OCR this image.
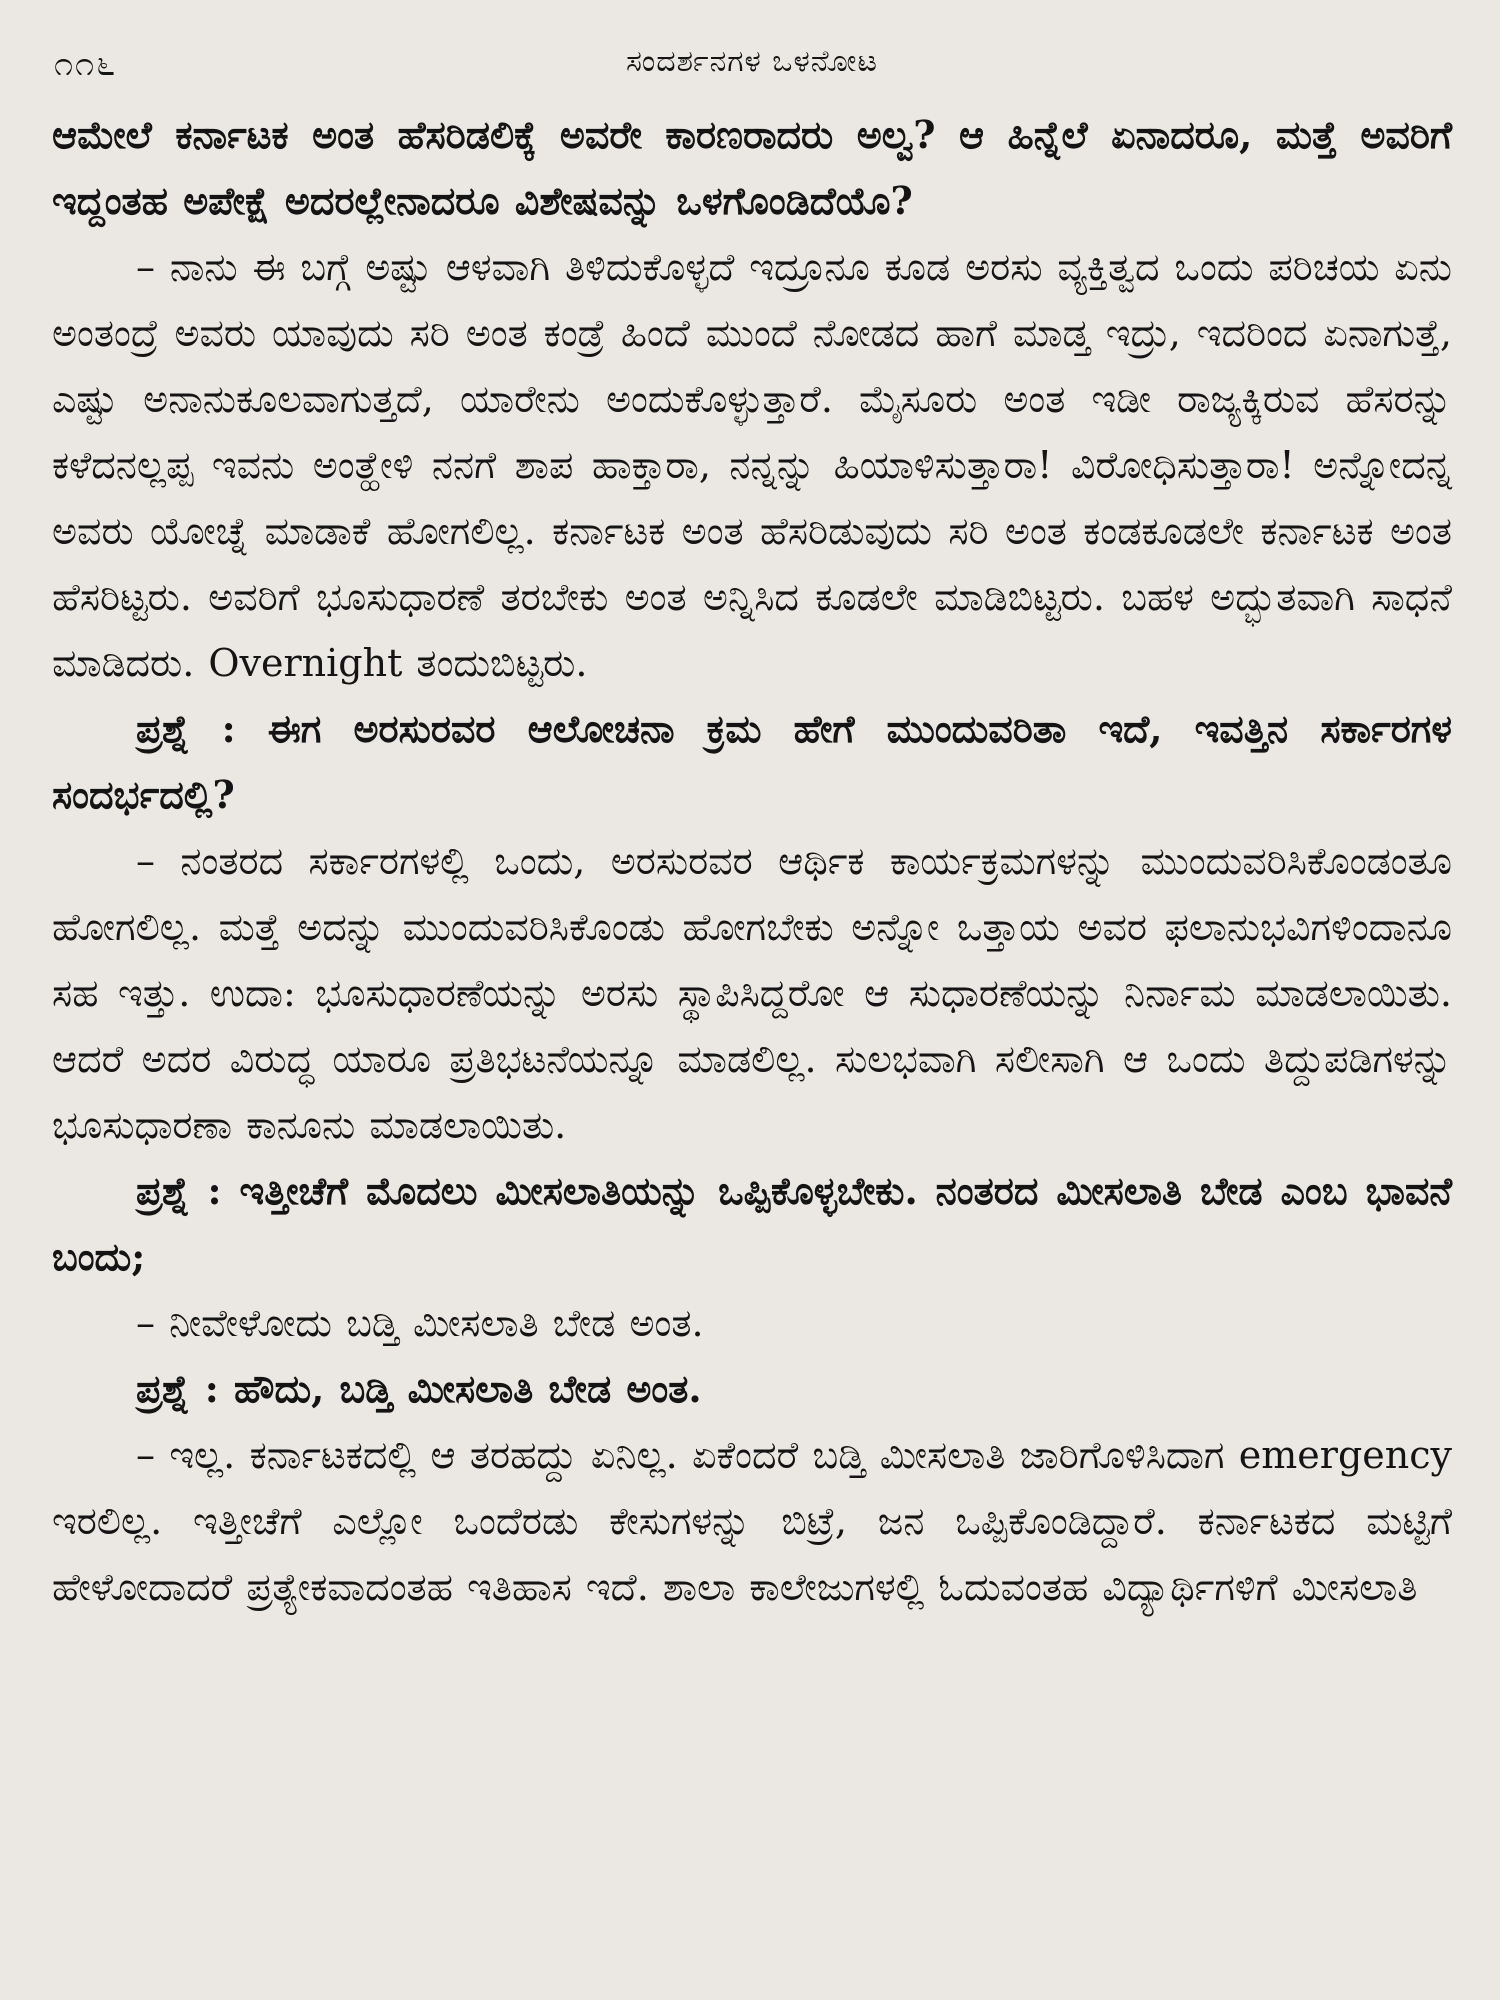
೧೧೬	ಸಂದರ್ಶನಗಳ ಒಳನೋಟ

ಆಮೇಲೆ ಕರ್ನಾಟಕ ಅಂತ ಹೆಸರಿಡಲಿಕ್ಕೆ ಅವರೇ ಕಾರಣರಾದರು ಅಲ್ವ? ಆ ಹಿನ್ನೆಲೆ ಏನಾದರೂ, ಮತ್ತೆ ಅವರಿಗೆ ಇದ್ದಂತಹ ಅಪೇಕ್ಷೆ ಅದರಲ್ಲೇನಾದರೂ ವಿಶೇಷವನ್ನು ಒಳಗೊಂಡಿದೆಯೊ?

– ನಾನು ಈ ಬಗ್ಗೆ ಅಷ್ಟು ಆಳವಾಗಿ ತಿಳಿದುಕೊಳ್ಳದೆ ಇದ್ರೂನೂ ಕೂಡ ಅರಸು ವ್ಯಕ್ತಿತ್ವದ ಒಂದು ಪರಿಚಯ ಏನು ಅಂತಂದ್ರೆ ಅವರು ಯಾವುದು ಸರಿ ಅಂತ ಕಂಡ್ರೆ ಹಿಂದೆ ಮುಂದೆ ನೋಡದ ಹಾಗೆ ಮಾಡ್ತ ಇದ್ರು, ಇದರಿಂದ ಏನಾಗುತ್ತೆ, ಎಷ್ಟು ಅನಾನುಕೂಲವಾಗುತ್ತದೆ, ಯಾರೇನು ಅಂದುಕೊಳ್ಳುತ್ತಾರೆ. ಮೈಸೂರು ಅಂತ ಇಡೀ ರಾಜ್ಯಕ್ಕಿರುವ ಹೆಸರನ್ನು ಕಳೆದನಲ್ಲಪ್ಪ ಇವನು ಅಂತ್ಹೇಳಿ ನನಗೆ ಶಾಪ ಹಾಕ್ತಾರಾ, ನನ್ನನ್ನು ಹಿಯಾಳಿಸುತ್ತಾರಾ! ವಿರೋಧಿಸುತ್ತಾರಾ! ಅನ್ನೋದನ್ನ ಅವರು ಯೋಚ್ನೆ ಮಾಡಾಕೆ ಹೋಗಲಿಲ್ಲ. ಕರ್ನಾಟಕ ಅಂತ ಹೆಸರಿಡುವುದು ಸರಿ ಅಂತ ಕಂಡಕೂಡಲೇ ಕರ್ನಾಟಕ ಅಂತ ಹೆಸರಿಟ್ಟರು. ಅವರಿಗೆ ಭೂಸುಧಾರಣೆ ತರಬೇಕು ಅಂತ ಅನ್ನಿಸಿದ ಕೂಡಲೇ ಮಾಡಿಬಿಟ್ಟರು. ಬಹಳ ಅದ್ಭುತವಾಗಿ ಸಾಧನೆ ಮಾಡಿದರು. Overnight ತಂದುಬಿಟ್ಟರು.

ಪ್ರಶ್ನೆ : ಈಗ ಅರಸುರವರ ಆಲೋಚನಾ ಕ್ರಮ ಹೇಗೆ ಮುಂದುವರಿತಾ ಇದೆ, ಇವತ್ತಿನ ಸರ್ಕಾರಗಳ ಸಂದರ್ಭದಲ್ಲಿ?

– ನಂತರದ ಸರ್ಕಾರಗಳಲ್ಲಿ ಒಂದು, ಅರಸುರವರ ಆರ್ಥಿಕ ಕಾರ್ಯಕ್ರಮಗಳನ್ನು ಮುಂದುವರಿಸಿಕೊಂಡಂತೂ ಹೋಗಲಿಲ್ಲ. ಮತ್ತೆ ಅದನ್ನು ಮುಂದುವರಿಸಿಕೊಂಡು ಹೋಗಬೇಕು ಅನ್ನೋ ಒತ್ತಾಯ ಅವರ ಫಲಾನುಭವಿಗಳಿಂದಾನೂ ಸಹ ಇತ್ತು. ಉದಾ: ಭೂಸುಧಾರಣೆಯನ್ನು ಅರಸು ಸ್ಥಾಪಿಸಿದ್ದರೋ ಆ ಸುಧಾರಣೆಯನ್ನು ನಿರ್ನಾಮ ಮಾಡಲಾಯಿತು. ಆದರೆ ಅದರ ವಿರುದ್ಧ ಯಾರೂ ಪ್ರತಿಭಟನೆಯನ್ನೂ ಮಾಡಲಿಲ್ಲ. ಸುಲಭವಾಗಿ ಸಲೀಸಾಗಿ ಆ ಒಂದು ತಿದ್ದುಪಡಿಗಳನ್ನು ಭೂಸುಧಾರಣಾ ಕಾನೂನು ಮಾಡಲಾಯಿತು.

ಪ್ರಶ್ನೆ : ಇತ್ತೀಚೆಗೆ ಮೊದಲು ಮೀಸಲಾತಿಯನ್ನು ಒಪ್ಪಿಕೊಳ್ಳಬೇಕು. ನಂತರದ ಮೀಸಲಾತಿ ಬೇಡ ಎಂಬ ಭಾವನೆ ಬಂದು;

– ನೀವೇಳೋದು ಬಡ್ತಿ ಮೀಸಲಾತಿ ಬೇಡ ಅಂತ.

ಪ್ರಶ್ನೆ : ಹೌದು, ಬಡ್ತಿ ಮೀಸಲಾತಿ ಬೇಡ ಅಂತ.

– ಇಲ್ಲ. ಕರ್ನಾಟಕದಲ್ಲಿ ಆ ತರಹದ್ದು ಏನಿಲ್ಲ. ಏಕೆಂದರೆ ಬಡ್ತಿ ಮೀಸಲಾತಿ ಜಾರಿಗೊಳಿಸಿದಾಗ emergency ಇರಲಿಲ್ಲ. ಇತ್ತೀಚೆಗೆ ಎಲ್ಲೋ ಒಂದೆರಡು ಕೇಸುಗಳನ್ನು ಬಿಟ್ರೆ, ಜನ ಒಪ್ಪಿಕೊಂಡಿದ್ದಾರೆ. ಕರ್ನಾಟಕದ ಮಟ್ಟಿಗೆ ಹೇಳೋದಾದರೆ ಪ್ರತ್ಯೇಕವಾದಂತಹ ಇತಿಹಾಸ ಇದೆ. ಶಾಲಾ ಕಾಲೇಜುಗಳಲ್ಲಿ ಓದುವಂತಹ ವಿದ್ಯಾರ್ಥಿಗಳಿಗೆ ಮೀಸಲಾತಿ
